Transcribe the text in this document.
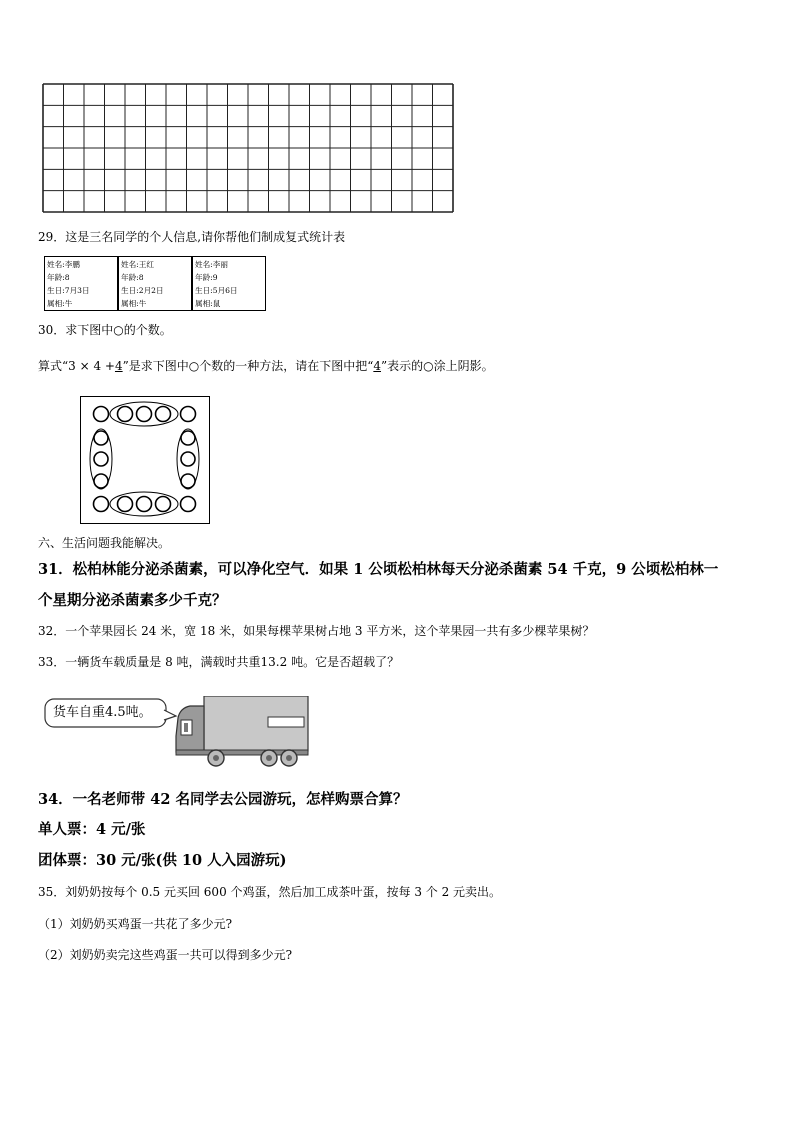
29．这是三名同学的个人信息,请你帮他们制成复式统计表
姓名:李鹏
年龄:8
生日:7月3日
属相:牛
姓名:王红
年龄:8
生日:2月2日
属相:牛
姓名:李丽
年龄:9
生日:5月6日
属相:鼠
30．求下图中○的个数。
算式“3 × 4 +4”是求下图中○个数的一种方法，请在下图中把“4”表示的○涂上阴影。
六、生活问题我能解决。
31．松柏林能分泌杀菌素，可以净化空气．如果 1 公顷松柏林每天分泌杀菌素 54 千克，9 公顷松柏林一
个星期分泌杀菌素多少千克？
32．一个苹果园长 24 米，宽 18 米，如果每棵苹果树占地 3 平方米，这个苹果园一共有多少棵苹果树？
33．一辆货车载质量是 8 吨，满载时共重13.2 吨。它是否超载了？
货车自重4.5吨。
34．一名老师带 42 名同学去公园游玩，怎样购票合算？
单人票：4 元/张
团体票：30 元/张(供 10 人入园游玩)
35．刘奶奶按每个 0.5 元买回 600 个鸡蛋，然后加工成茶叶蛋，按每 3 个 2 元卖出。
（1）刘奶奶买鸡蛋一共花了多少元?
（2）刘奶奶卖完这些鸡蛋一共可以得到多少元?
